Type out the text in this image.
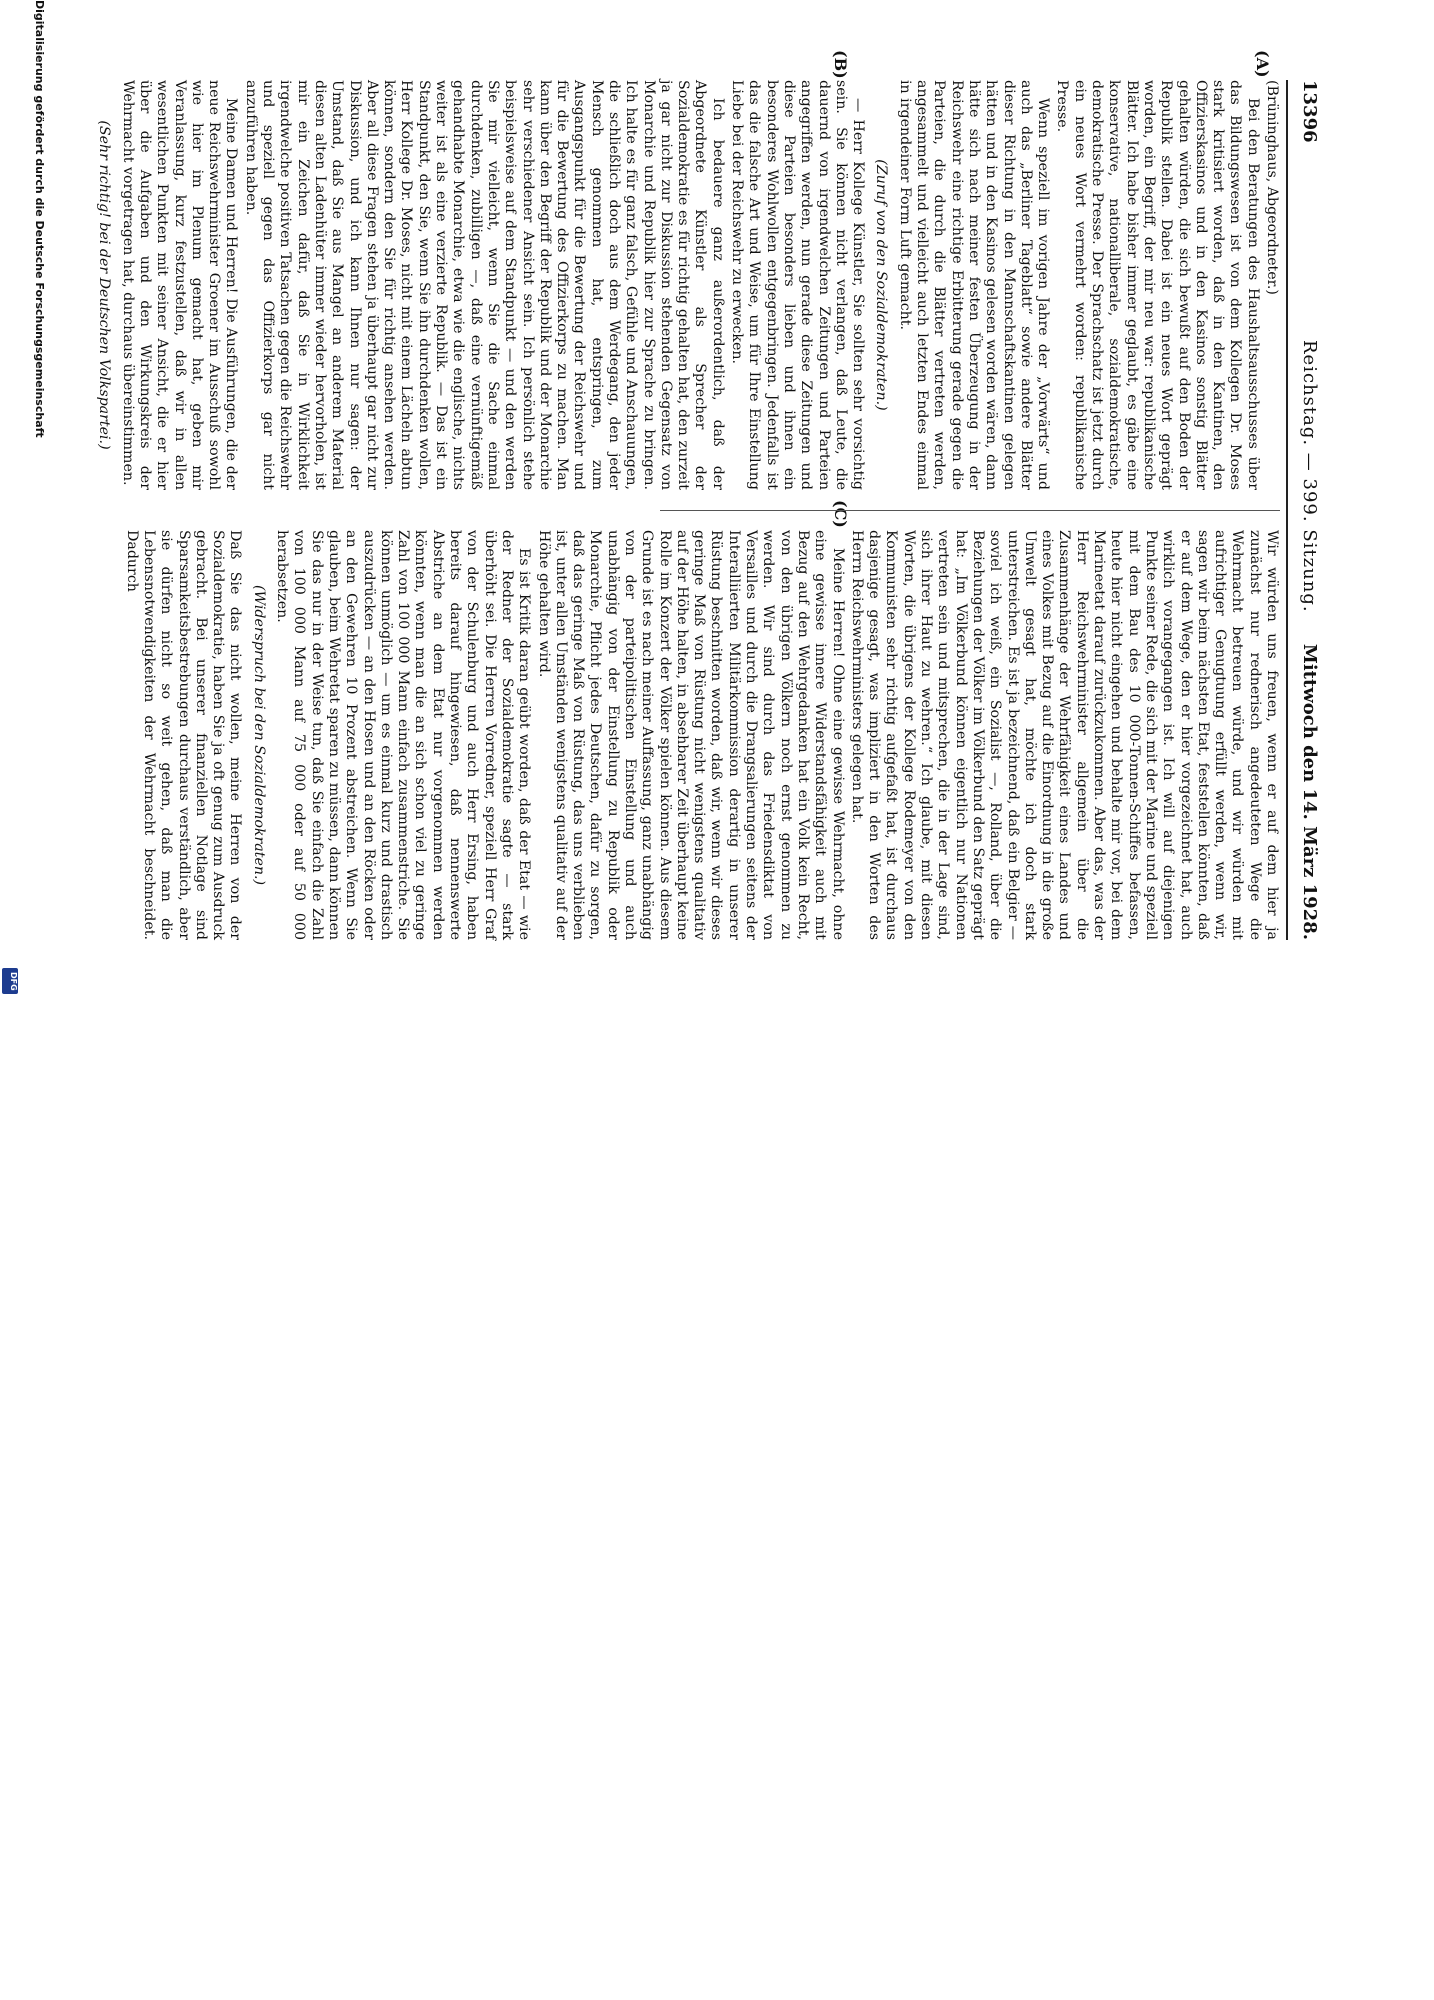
13396
Reichstag. — 399. Sitzung.
Mittwoch den 14. März 1928.
(A)
(B)
(C)

(Brüninghaus, Abgeordneter.)

Bei den Beratungen des Haushaltsausschusses über das Bildungswesen ist von dem Kollegen Dr. Moses stark kritisiert worden, daß in den Kantinen, den Offizierskasinos und in den Kasinos sonstig Blätter gehalten würden, die sich bewußt auf den Boden der Republik stellen. Dabei ist ein neues Wort geprägt worden, ein Begriff, der mir neu war: republikanische Blätter. Ich habe bisher immer geglaubt, es gäbe eine konservative, nationalliberale, sozialdemokratische, demokratische Presse. Der Sprachschatz ist jetzt durch ein neues Wort vermehrt worden: republikanische Presse.

Wenn speziell im vorigen Jahre der „Vorwärts“ und auch das „Berliner Tageblatt“ sowie andere Blätter dieser Richtung in den Mannschaftskantinen gelegen hätten und in den Kasinos gelesen worden wären, dann hätte sich nach meiner festen Überzeugung in der Reichswehr eine richtige Erbitterung gerade gegen die Parteien, die durch die Blätter vertreten werden, angesammelt und vielleicht auch letzten Endes einmal in irgendeiner Form Luft gemacht.

(Zuruf von den Sozialdemokraten.)

— Herr Kollege Künstler, Sie sollten sehr vorsichtig sein. Sie können nicht verlangen, daß Leute, die dauernd von irgendwelchen Zeitungen und Parteien angegriffen werden, nun gerade diese Zeitungen und diese Parteien besonders lieben und ihnen ein besonderes Wohlwollen entgegenbringen. Jedenfalls ist das die falsche Art und Weise, um für Ihre Einstellung Liebe bei der Reichswehr zu erwecken.

Ich bedauere ganz außerordentlich, daß der Abgeordnete Künstler als Sprecher der Sozialdemokratie es für richtig gehalten hat, den zurzeit ja gar nicht zur Diskussion stehenden Gegensatz von Monarchie und Republik hier zur Sprache zu bringen. Ich halte es für ganz falsch, Gefühle und Anschauungen, die schließlich doch aus dem Werdegang, den jeder Mensch genommen hat, entspringen, zum Ausgangspunkt für die Bewertung der Reichswehr und für die Bewertung des Offizierkorps zu machen. Man kann über den Begriff der Republik und der Monarchie sehr verschiedener Ansicht sein. Ich persönlich stehe beispielsweise auf dem Standpunkt — und den werden Sie mir vielleicht, wenn Sie die Sache einmal durchdenken, zubilligen —, daß eine vernünftigemäß gehandhabte Monarchie, etwa wie die englische, nichts weiter ist als eine verzierte Republik. — Das ist ein Standpunkt, den Sie, wenn Sie ihn durchdenken wollen, Herr Kollege Dr. Moses, nicht mit einem Lächeln abtun können, sondern den Sie für richtig ansehen werden. Aber all diese Fragen stehen ja überhaupt gar nicht zur Diskussion, und ich kann Ihnen nur sagen: der Umstand, daß Sie aus Mangel an anderem Material diesen alten Ladenhüter immer wieder hervorholen, ist mir ein Zeichen dafür, daß Sie in Wirklichkeit irgendwelche positiven Tatsachen gegen die Reichswehr und speziell gegen das Offizierkorps gar nicht anzuführen haben.

Meine Damen und Herren! Die Ausführungen, die der neue Reichswehrminister Groener im Ausschuß sowohl wie hier im Plenum gemacht hat, geben mir Veranlassung, kurz festzustellen, daß wir in allen wesentlichen Punkten mit seiner Ansicht, die er hier über die Aufgaben und den Wirkungskreis der Wehrmacht vorgetragen hat, durchaus übereinstimmen.

(Sehr richtig! bei der Deutschen Volkspartei.)

Wir würden uns freuen, wenn er auf dem hier ja zunächst nur rednerisch angedeuteten Wege die Wehrmacht betreuen würde, und wir würden mit aufrichtiger Genugtuung erfüllt werden, wenn wir, sagen wir beim nächsten Etat, feststellen könnten, daß er auf dem Wege, den er hier vorgezeichnet hat, auch wirklich vorangegangen ist. Ich will auf diejenigen Punkte seiner Rede, die sich mit der Marine und speziell mit dem Bau des 10 000-Tonnen-Schiffes befassen, heute hier nicht eingehen und behalte mir vor, bei dem Marineetat darauf zurückzukommen. Aber das, was der Herr Reichswehrminister allgemein über die Zusammenhänge der Wehrfähigkeit eines Landes und eines Volkes mit Bezug auf die Einordnung in die große Umwelt gesagt hat, möchte ich doch stark unterstreichen. Es ist ja bezeichnend, daß ein Belgier — soviel ich weiß, ein Sozialist —, Rolland, über die Beziehungen der Völker im Völkerbund den Satz geprägt hat: „Im Völkerbund können eigentlich nur Nationen vertreten sein und mitsprechen, die in der Lage sind, sich ihrer Haut zu wehren.“ Ich glaube, mit diesen Worten, die übrigens der Kollege Rodemeyer von den Kommunisten sehr richtig aufgefaßt hat, ist durchaus dasjenige gesagt, was impliziert in den Worten des Herrn Reichswehrministers gelegen hat.

Meine Herren! Ohne eine gewisse Wehrmacht, ohne eine gewisse innere Widerstandsfähigkeit auch mit Bezug auf den Wehrgedanken hat ein Volk kein Recht, von den übrigen Völkern noch ernst genommen zu werden. Wir sind durch das Friedensdiktat von Versailles und durch die Drangsalierungen seitens der Interalliierten Militärkommission derartig in unserer Rüstung beschnitten worden, daß wir, wenn wir dieses geringe Maß von Rüstung nicht wenigstens qualitativ auf der Höhe halten, in absehbarer Zeit überhaupt keine Rolle im Konzert der Völker spielen können. Aus diesem Grunde ist es nach meiner Auffassung, ganz unabhängig von der parteipolitischen Einstellung und auch unabhängig von der Einstellung zu Republik oder Monarchie, Pflicht jedes Deutschen, dafür zu sorgen, daß das geringe Maß von Rüstung, das uns verblieben ist, unter allen Umständen wenigstens qualitativ auf der Höhe gehalten wird.

Es ist Kritik daran geübt worden, daß der Etat — wie der Redner der Sozialdemokratie sagte — stark überhöht sei. Die Herren Vorredner, speziell Herr Graf von der Schulenburg und auch Herr Ersing, haben bereits darauf hingewiesen, daß nennenswerte Abstriche an dem Etat nur vorgenommen werden könnten, wenn man die an sich schon viel zu geringe Zahl von 100 000 Mann einfach zusammenstriche. Sie können unmöglich — um es einmal kurz und drastisch auszudrücken — an den Hosen und an den Röcken oder an den Gewehren 10 Prozent abstreichen. Wenn Sie glauben, beim Wehretat sparen zu müssen, dann können Sie das nur in der Weise tun, daß Sie einfach die Zahl von 100 000 Mann auf 75 000 oder auf 50 000 herabsetzen.

(Widerspruch bei den Sozialdemokraten.)

Daß Sie das nicht wollen, meine Herren von der Sozialdemokratie, haben Sie ja oft genug zum Ausdruck gebracht. Bei unserer finanziellen Notlage sind Sparsamkeitsbestrebungen durchaus verständlich, aber sie dürfen nicht so weit gehen, daß man die Lebensnotwendigkeiten der Wehrmacht beschneidet. Dadurch

Digitalisierung gefördert durch die Deutsche Forschungsgemeinschaft
DFG
